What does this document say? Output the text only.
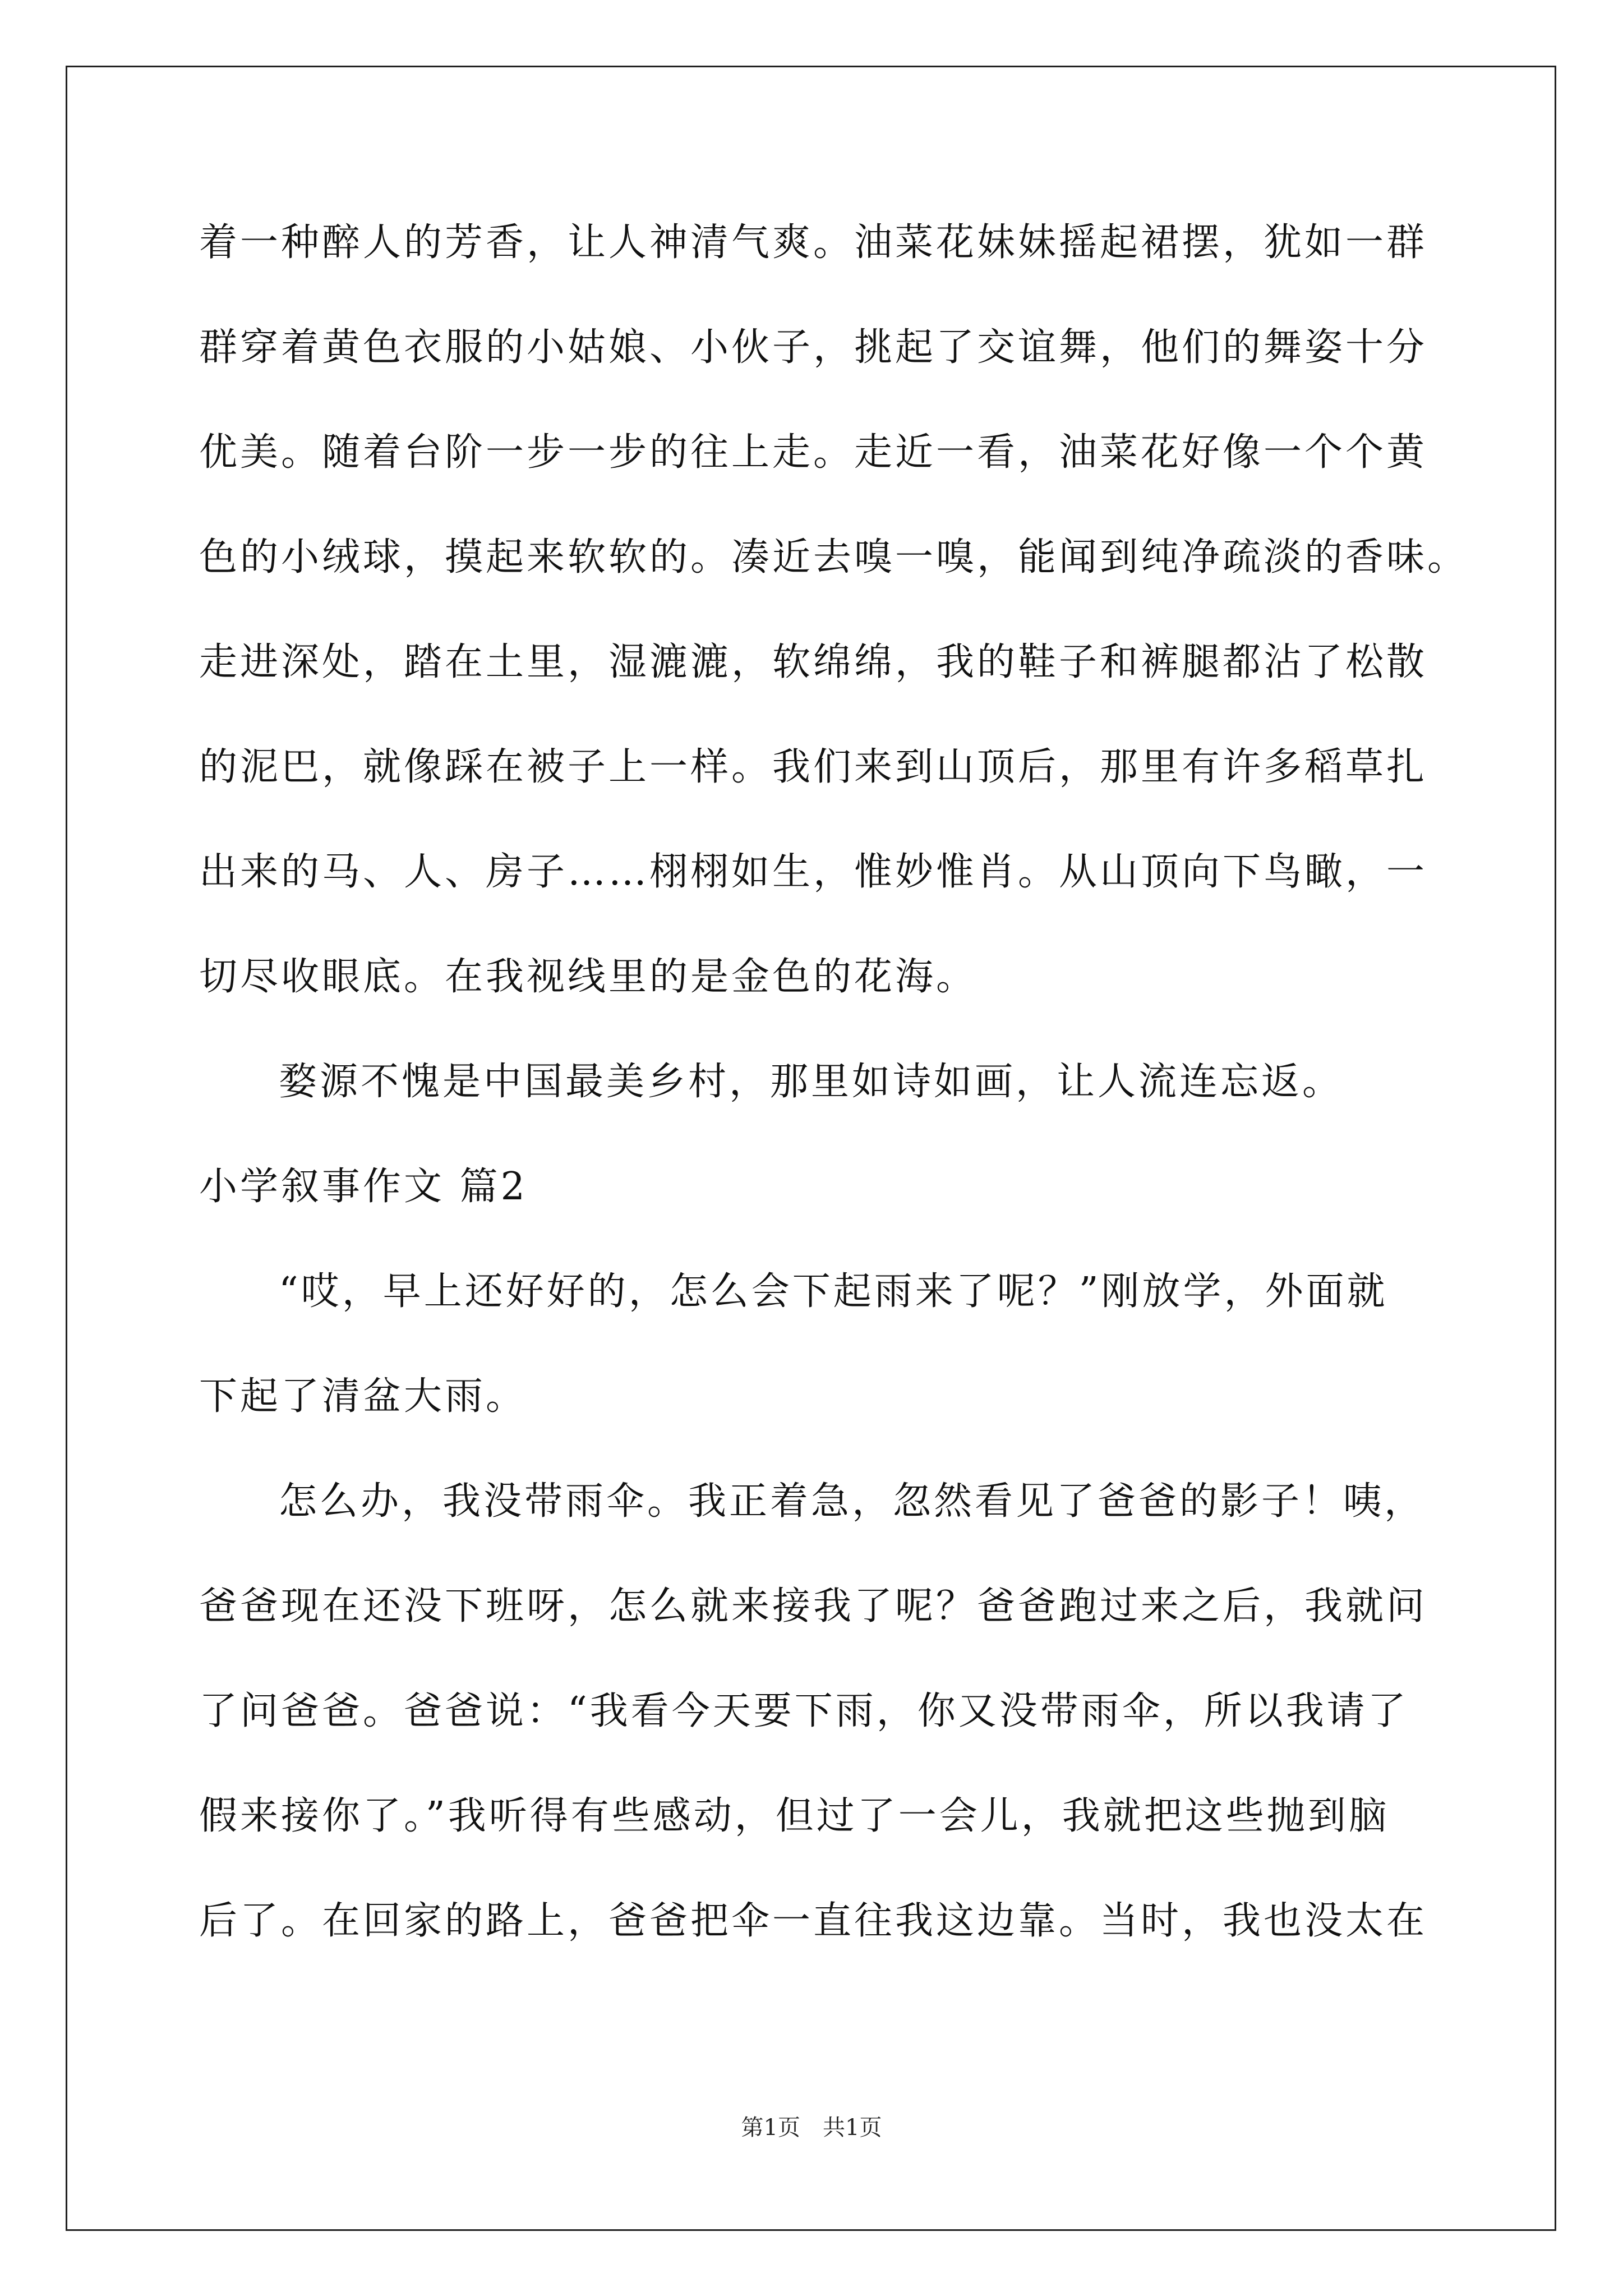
着一种醉人的芳香，让人神清气爽。油菜花妹妹摇起裙摆，犹如一群
群穿着黄色衣服的小姑娘、小伙子，挑起了交谊舞，他们的舞姿十分
优美。随着台阶一步一步的往上走。走近一看，油菜花好像一个个黄
色的小绒球，摸起来软软的。凑近去嗅一嗅，能闻到纯净疏淡的香味。
走进深处，踏在土里，湿漉漉，软绵绵，我的鞋子和裤腿都沾了松散
的泥巴，就像踩在被子上一样。我们来到山顶后，那里有许多稻草扎
出来的马、人、房子……栩栩如生，惟妙惟肖。从山顶向下鸟瞰，一
切尽收眼底。在我视线里的是金色的花海。
婺源不愧是中国最美乡村，那里如诗如画，让人流连忘返。
小学叙事作文 篇2
“哎，早上还好好的，怎么会下起雨来了呢？”刚放学，外面就
下起了清盆大雨。
怎么办，我没带雨伞。我正着急，忽然看见了爸爸的影子！咦，
爸爸现在还没下班呀，怎么就来接我了呢？爸爸跑过来之后，我就问
了问爸爸。爸爸说：“我看今天要下雨，你又没带雨伞，所以我请了
假来接你了。”我听得有些感动，但过了一会儿，我就把这些抛到脑
后了。在回家的路上，爸爸把伞一直往我这边靠。当时，我也没太在
第1页　共1页
